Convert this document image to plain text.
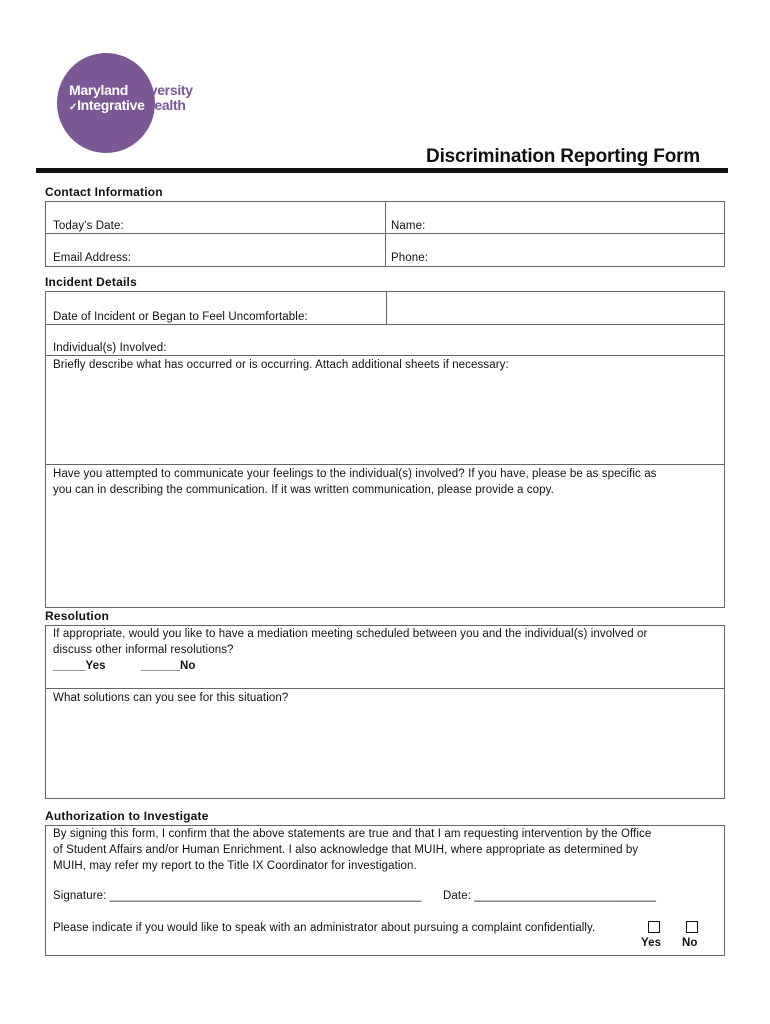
MarylandUniversity
✓IntegrativeHealth
Discrimination Reporting Form
Contact Information
Today’s Date:	Name:
Email Address:	Phone:
Incident Details
Date of Incident or Began to Feel Uncomfortable:
Individual(s) Involved:
Briefly describe what has occurred or is occurring. Attach additional sheets if necessary:
Have you attempted to communicate your feelings to the individual(s) involved? If you have, please be as specific as
you can in describing the communication. If it was written communication, please provide a copy.
Resolution
If appropriate, would you like to have a mediation meeting scheduled between you and the individual(s) involved or
discuss other informal resolutions?
_____Yes	______No
What solutions can you see for this situation?
Authorization to Investigate
By signing this form, I confirm that the above statements are true and that I am requesting intervention by the Office
of Student Affairs and/or Human Enrichment. I also acknowledge that MUIH, where appropriate as determined by
MUIH, may refer my report to the Title IX Coordinator for investigation.
Signature: ________________________________________________ Date: ____________________________
Please indicate if you would like to speak with an administrator about pursuing a complaint confidentially.
Yes No
